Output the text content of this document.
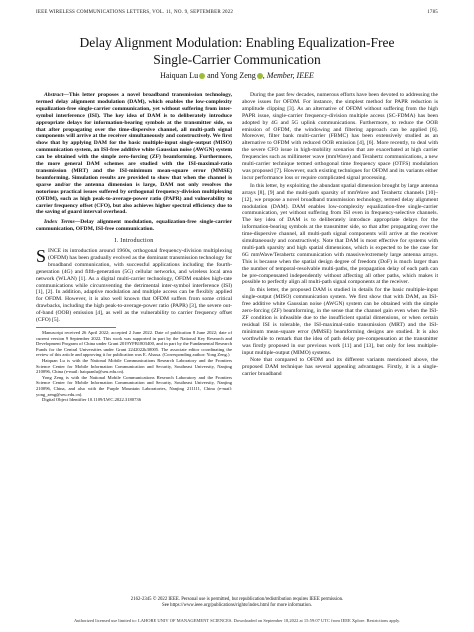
IEEE WIRELESS COMMUNICATIONS LETTERS, VOL. 11, NO. 9, SEPTEMBER 2022	1785
Delay Alignment Modulation: Enabling Equalization-Free
Single-Carrier Communication
Haiquan Lu and Yong Zeng , Member, IEEE

Abstract—This letter proposes a novel broadband transmission technology, termed delay alignment modulation (DAM), which enables the low-complexity equalization-free single-carrier communication, yet without suffering from inter-symbol interference (ISI). The key idea of DAM is to deliberately introduce appropriate delays for information-bearing symbols at the transmitter side, so that after propagating over the time-dispersive channel, all multi-path signal components will arrive at the receiver simultaneously and constructively. We first show that by applying DAM for the basic multiple-input single-output (MISO) communication system, an ISI-free additive white Gaussian noise (AWGN) system can be obtained with the simple zero-forcing (ZF) beamforming. Furthermore, the more general DAM schemes are studied with the ISI-maximal-ratio transmission (MRT) and the ISI-minimum mean-square error (MMSE) beamforming. Simulation results are provided to show that when the channel is sparse and/or the antenna dimension is large, DAM not only resolves the notorious practical issues suffered by orthogonal frequency-division multiplexing (OFDM), such as high peak-to-average-power ratio (PAPR) and vulnerability to carrier frequency offset (CFO), but also achieves higher spectral efficiency due to the saving of guard interval overhead.

Index Terms—Delay alignment modulation, equalization-free single-carrier communication, OFDM, ISI-free communication.

I. Introduction

SINCE its introduction around 1960s, orthogonal frequency-division multiplexing (OFDM) has been gradually evolved as the dominant transmission technology for broadband communication, with successful applications including the fourth-generation (4G) and fifth-generation (5G) cellular networks, and wireless local area network (WLAN) [1]. As a digital multi-carrier technology, OFDM enables high-rate communications while circumventing the detrimental inter-symbol interference (ISI) [1], [2]. In addition, adaptive modulation and multiple access can be flexibly applied for OFDM. However, it is also well known that OFDM suffers from some critical drawbacks, including the high peak-to-average-power ratio (PAPR) [3], the severe out-of-band (OOB) emission [4], as well as the vulnerability to carrier frequency offset (CFO) [5].

Manuscript received 26 April 2022; accepted 2 June 2022. Date of publication 8 June 2022; date of current version 9 September 2022. This work was supported in part by the National Key Research and Development Program of China under Grant 2019YFB1803400, and in part by the Fundamental Research Funds for the Central Universities under Grant 2242022k30005. The associate editor coordinating the review of this article and approving it for publication was E. Alsusa. (Corresponding author: Yong Zeng.)

Haiquan Lu is with the National Mobile Communications Research Laboratory and the Frontiers Science Center for Mobile Information Communication and Security, Southeast University, Nanjing 210096, China (e-mail: haiquanlu@seu.edu.cn).

Yong Zeng is with the National Mobile Communications Research Laboratory and the Frontiers Science Center for Mobile Information Communication and Security, Southeast University, Nanjing 210096, China, and also with the Purple Mountain Laboratories, Nanjing 211111, China (e-mail: yong_zeng@seu.edu.cn).

Digital Object Identifier 10.1109/LWC.2022.3180736

During the past few decades, numerous efforts have been devoted to addressing the above issues for OFDM. For instance, the simplest method for PAPR reduction is amplitude clipping [3]. As an alternative of OFDM without suffering from the high PAPR issue, single-carrier frequency-division multiple access (SC-FDMA) has been adopted by 4G and 5G uplink communications. Furthermore, to reduce the OOB emission of OFDM, the windowing and filtering approach can be applied [6]. Moreover, filter bank multi-carrier (FBMC) has been extensively studied as an alternative to OFDM with reduced OOB emission [4], [6]. More recently, to deal with the severe CFO issue in high-mobility scenarios that are exacerbated at high carrier frequencies such as millimeter wave (mmWave) and Terahertz communications, a new multi-carrier technique termed orthogonal time frequency space (OTFS) modulation was proposed [7]. However, such existing techniques for OFDM and its variants either incur performance loss or require complicated signal processing.

In this letter, by exploiting the abundant spatial dimension brought by large antenna arrays [8], [9] and the multi-path sparsity of mmWave and Terahertz channels [10]–[12], we propose a novel broadband transmission technology, termed delay alignment modulation (DAM). DAM enables low-complexity equalization-free single-carrier communication, yet without suffering from ISI even in frequency-selective channels. The key idea of DAM is to deliberately introduce appropriate delays for the information-bearing symbols at the transmitter side, so that after propagating over the time-dispersive channel, all multi-path signal components will arrive at the receiver simultaneously and constructively. Note that DAM is most effective for systems with multi-path sparsity and high spatial dimensions, which is expected to be the case for 6G mmWave/Terahertz communication with massive/extremely large antenna arrays. This is because when the spatial design degree of freedom (DoF) is much larger than the number of temporal-resolvable multi-paths, the propagation delay of each path can be pre-compensated independently without affecting all other paths, which makes it possible to perfectly align all multi-path signal components at the receiver.

In this letter, the proposed DAM is studied in details for the basic multiple-input single-output (MISO) communication system. We first show that with DAM, an ISI-free additive white Gaussian noise (AWGN) system can be obtained with the simple zero-forcing (ZF) beamforming, in the sense that the channel gain even when the ISI-ZF condition is infeasible due to the insufficient spatial dimensions, or when certain residual ISI is tolerable, the ISI-maximal-ratio transmission (MRT) and the ISI-minimum mean-square error (MMSE) beamforming designs are studied. It is also worthwhile to remark that the idea of path delay pre-compensation at the transmitter was firstly proposed in our previous work [11] and [13], but only for less multiple-input multiple-output (MIMO) systems.

Note that compared to OFDM and its different variants mentioned above, the proposed DAM technique has several appealing advantages. Firstly, it is a single-carrier broadband

2162-2345 © 2022 IEEE. Personal use is permitted, but republication/redistribution requires IEEE permission.
See https://www.ieee.org/publications/rights/index.html for more information.
Authorized licensed use limited to: LAHORE UNIV OF MANAGEMENT SCIENCES. Downloaded on September 18,2022 at 15:59:07 UTC from IEEE Xplore. Restrictions apply.
